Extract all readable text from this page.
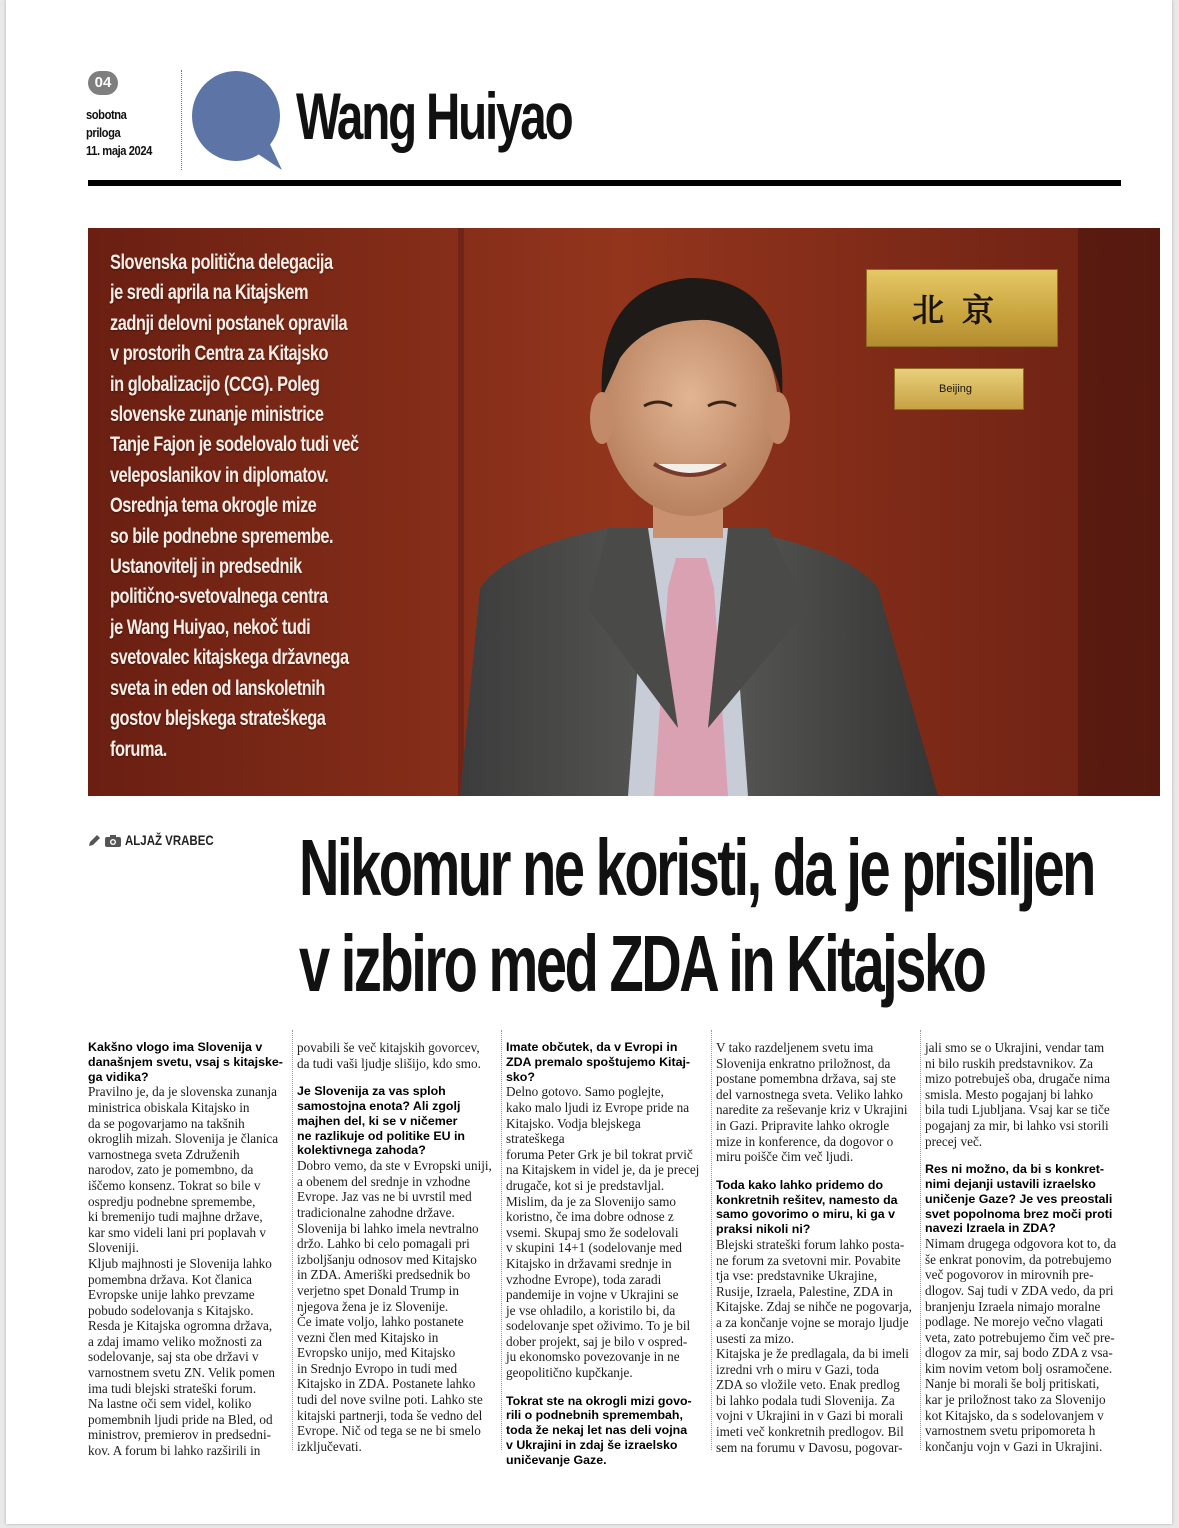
04
sobotna
priloga
11. maja 2024 Wang Huiyao
北京
Beijing
Slovenska politična delegacija
je sredi aprila na Kitajskem
zadnji delovni postanek opravila
v prostorih Centra za Kitajsko
in globalizacijo (CCG). Poleg
slovenske zunanje ministrice
Tanje Fajon je sodelovalo tudi več
veleposlanikov in diplomatov.
Osrednja tema okrogle mize
so bile podnebne spremembe.
Ustanovitelj in predsednik
politično-svetovalnega centra
je Wang Huiyao, nekoč tudi
svetovalec kitajskega državnega
sveta in eden od lanskoletnih
gostov blejskega strateškega
foruma.
ALJAŽ VRABEC Nikomur ne koristi, da je prisiljen
v izbiro med ZDA in Kitajsko
Kakšno vlogo ima Slovenija v
današnjem svetu, vsaj s kitajske-
ga vidika?
Pravilno je, da je slovenska zunanja
ministrica obiskala Kitajsko in
da se pogovarjamo na takšnih
okroglih mizah. Slovenija je članica
varnostnega sveta Združenih
narodov, zato je pomembno, da
iščemo konsenz. Tokrat so bile v
ospredju podnebne spremembe,
ki bremenijo tudi majhne države,
kar smo videli lani pri poplavah v
Sloveniji.
Kljub majhnosti je Slovenija lahko
pomembna država. Kot članica
Evropske unije lahko prevzame
pobudo sodelovanja s Kitajsko.
Resda je Kitajska ogromna država,
a zdaj imamo veliko možnosti za
sodelovanje, saj sta obe državi v
varnostnem svetu ZN. Velik pomen
ima tudi blejski strateški forum.
Na lastne oči sem videl, koliko
pomembnih ljudi pride na Bled, od
ministrov, premierov in predsedni-
kov. A forum bi lahko razširili in
povabili še več kitajskih govorcev,
da tudi vaši ljudje slišijo, kdo smo.
Je Slovenija za vas sploh
samostojna enota? Ali zgolj
majhen del, ki se v ničemer
ne razlikuje od politike EU in
kolektivnega zahoda?
Dobro vemo, da ste v Evropski uniji,
a obenem del srednje in vzhodne
Evrope. Jaz vas ne bi uvrstil med
tradicionalne zahodne države.
Slovenija bi lahko imela nevtralno
držo. Lahko bi celo pomagali pri
izboljšanju odnosov med Kitajsko
in ZDA. Ameriški predsednik bo
verjetno spet Donald Trump in
njegova žena je iz Slovenije.
Če imate voljo, lahko postanete
vezni člen med Kitajsko in
Evropsko unijo, med Kitajsko
in Srednjo Evropo in tudi med
Kitajsko in ZDA. Postanete lahko
tudi del nove svilne poti. Lahko ste
kitajski partnerji, toda še vedno del
Evrope. Nič od tega se ne bi smelo
izključevati.
Imate občutek, da v Evropi in
ZDA premalo spoštujemo Kitaj-
sko?
Delno gotovo. Samo poglejte,
kako malo ljudi iz Evrope pride na
Kitajsko. Vodja blejskega strateškega
foruma Peter Grk je bil tokrat prvič
na Kitajskem in videl je, da je precej
drugače, kot si je predstavljal.
Mislim, da je za Slovenijo samo
koristno, če ima dobre odnose z
vsemi. Skupaj smo že sodelovali
v skupini 14+1 (sodelovanje med
Kitajsko in državami srednje in
vzhodne Evrope), toda zaradi
pandemije in vojne v Ukrajini se
je vse ohladilo, a koristilo bi, da
sodelovanje spet oživimo. To je bil
dober projekt, saj je bilo v ospred-
ju ekonomsko povezovanje in ne
geopolitično kupčkanje.
Tokrat ste na okrogli mizi govo-
rili o podnebnih spremembah,
toda že nekaj let nas deli vojna
v Ukrajini in zdaj še izraelsko
uničevanje Gaze.
V tako razdeljenem svetu ima
Slovenija enkratno priložnost, da
postane pomembna država, saj ste
del varnostnega sveta. Veliko lahko
naredite za reševanje kriz v Ukrajini
in Gazi. Pripravite lahko okrogle
mize in konference, da dogovor o
miru poišče čim več ljudi.
Toda kako lahko pridemo do
konkretnih rešitev, namesto da
samo govorimo o miru, ki ga v
praksi nikoli ni?
Blejski strateški forum lahko posta-
ne forum za svetovni mir. Povabite
tja vse: predstavnike Ukrajine,
Rusije, Izraela, Palestine, ZDA in
Kitajske. Zdaj se nihče ne pogovarja,
a za končanje vojne se morajo ljudje
usesti za mizo.
Kitajska je že predlagala, da bi imeli
izredni vrh o miru v Gazi, toda
ZDA so vložile veto. Enak predlog
bi lahko podala tudi Slovenija. Za
vojni v Ukrajini in v Gazi bi morali
imeti več konkretnih predlogov. Bil
sem na forumu v Davosu, pogovar-
jali smo se o Ukrajini, vendar tam
ni bilo ruskih predstavnikov. Za
mizo potrebuješ oba, drugače nima
smisla. Mesto pogajanj bi lahko
bila tudi Ljubljana. Vsaj kar se tiče
pogajanj za mir, bi lahko vsi storili
precej več.
Res ni možno, da bi s konkret-
nimi dejanji ustavili izraelsko
uničenje Gaze? Je ves preostali
svet popolnoma brez moči proti
navezi Izraela in ZDA?
Nimam drugega odgovora kot to, da
še enkrat ponovim, da potrebujemo
več pogovorov in mirovnih pre-
dlogov. Saj tudi v ZDA vedo, da pri
branjenju Izraela nimajo moralne
podlage. Ne morejo večno vlagati
veta, zato potrebujemo čim več pre-
dlogov za mir, saj bodo ZDA z vsa-
kim novim vetom bolj osramočene.
Nanje bi morali še bolj pritiskati,
kar je priložnost tako za Slovenijo
kot Kitajsko, da s sodelovanjem v
varnostnem svetu pripomoreta h
končanju vojn v Gazi in Ukrajini.
